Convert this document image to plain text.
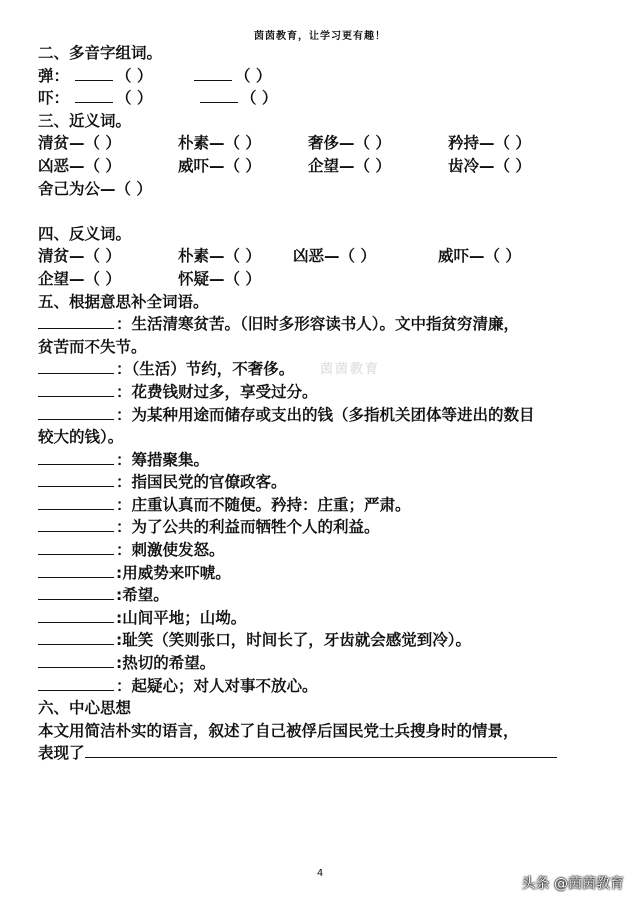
茵茵教育，让学习更有趣！
二、多音字组词。
弹：	（ ）	（ ）
吓：	（ ）	（ ）
三、近义词。
清贫—（ ）	朴素—（ ）	奢侈—（ ）	矜持—（ ）
凶恶—（ ）	威吓—（ ）	企望—（ ）	齿冷—（ ）
舍己为公—（ ）
四、反义词。
清贫—（ ）	朴素—（ ） 凶恶—（ ）	威吓—（ ）
企望—（ ）	怀疑—（ ）
五、根据意思补全词语。
：生活清寒贫苦。（旧时多形容读书人）。文中指贫穷清廉，
贫苦而不失节。
：（生活）节约，不奢侈。
：花费钱财过多，享受过分。
：为某种用途而储存或支出的钱（多指机关团体等进出的数目
较大的钱）。
：筹措聚集。
：指国民党的官僚政客。
：庄重认真而不随便。矜持：庄重；严肃。
：为了公共的利益而牺牲个人的利益。
：刺激使发怒。
:用威势来吓唬。
:希望。
:山间平地；山坳。
:耻笑（笑则张口，时间长了，牙齿就会感觉到冷）。
:热切的希望。
：起疑心；对人对事不放心。
六、中心思想
本文用简洁朴实的语言，叙述了自己被俘后国民党士兵搜身时的情景，
表现了
茵茵教育
4
头条 @茵茵教育
